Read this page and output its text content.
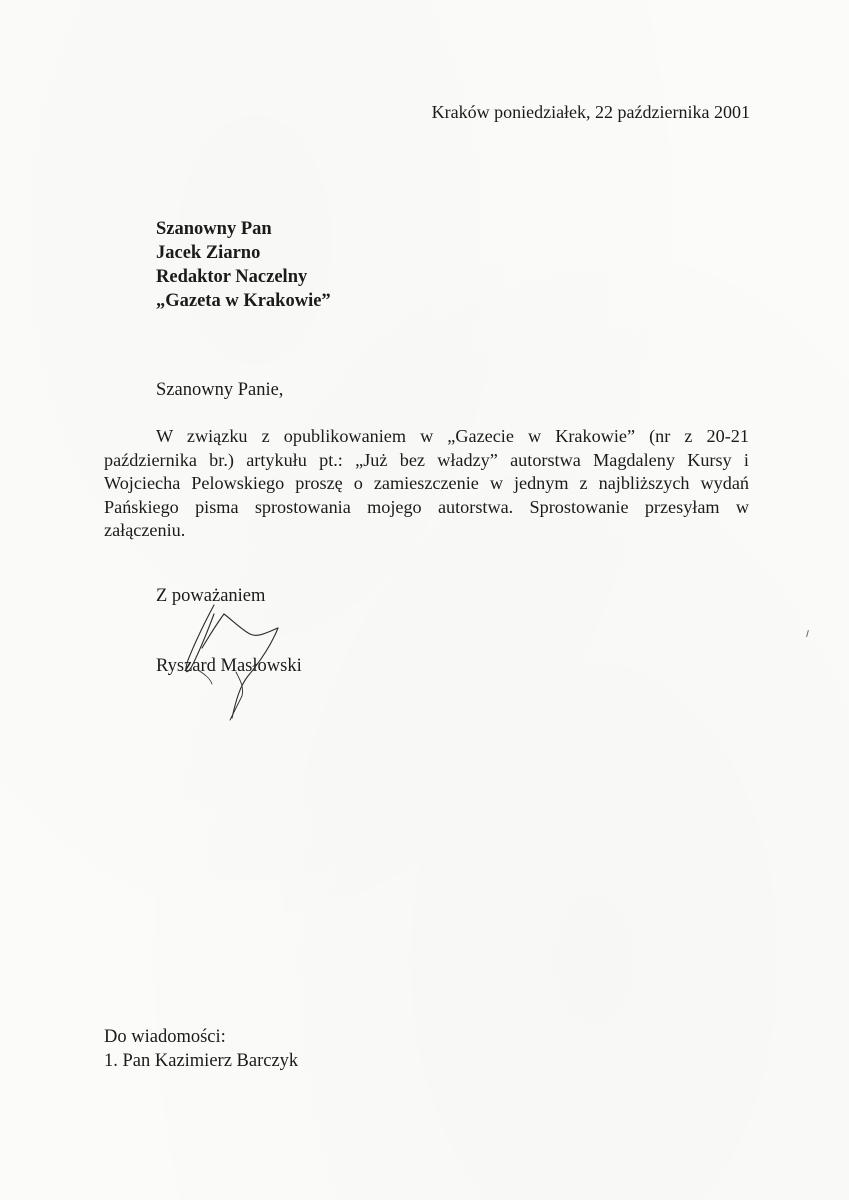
Kraków poniedziałek, 22 października 2001
Szanowny Pan
Jacek Ziarno
Redaktor Naczelny
„Gazeta w Krakowie”
Szanowny Panie,
W związku z opublikowaniem w „Gazecie w Krakowie” (nr z 20-21
października br.) artykułu pt.: „Już bez władzy” autorstwa Magdaleny Kursy i
Wojciecha Pelowskiego proszę o zamieszczenie w jednym z najbliższych wydań
Pańskiego pisma sprostowania mojego autorstwa. Sprostowanie przesyłam w
załączeniu.
Z poważaniem
Ryszard Masłowski
Do wiadomości:
1. Pan Kazimierz Barczyk
